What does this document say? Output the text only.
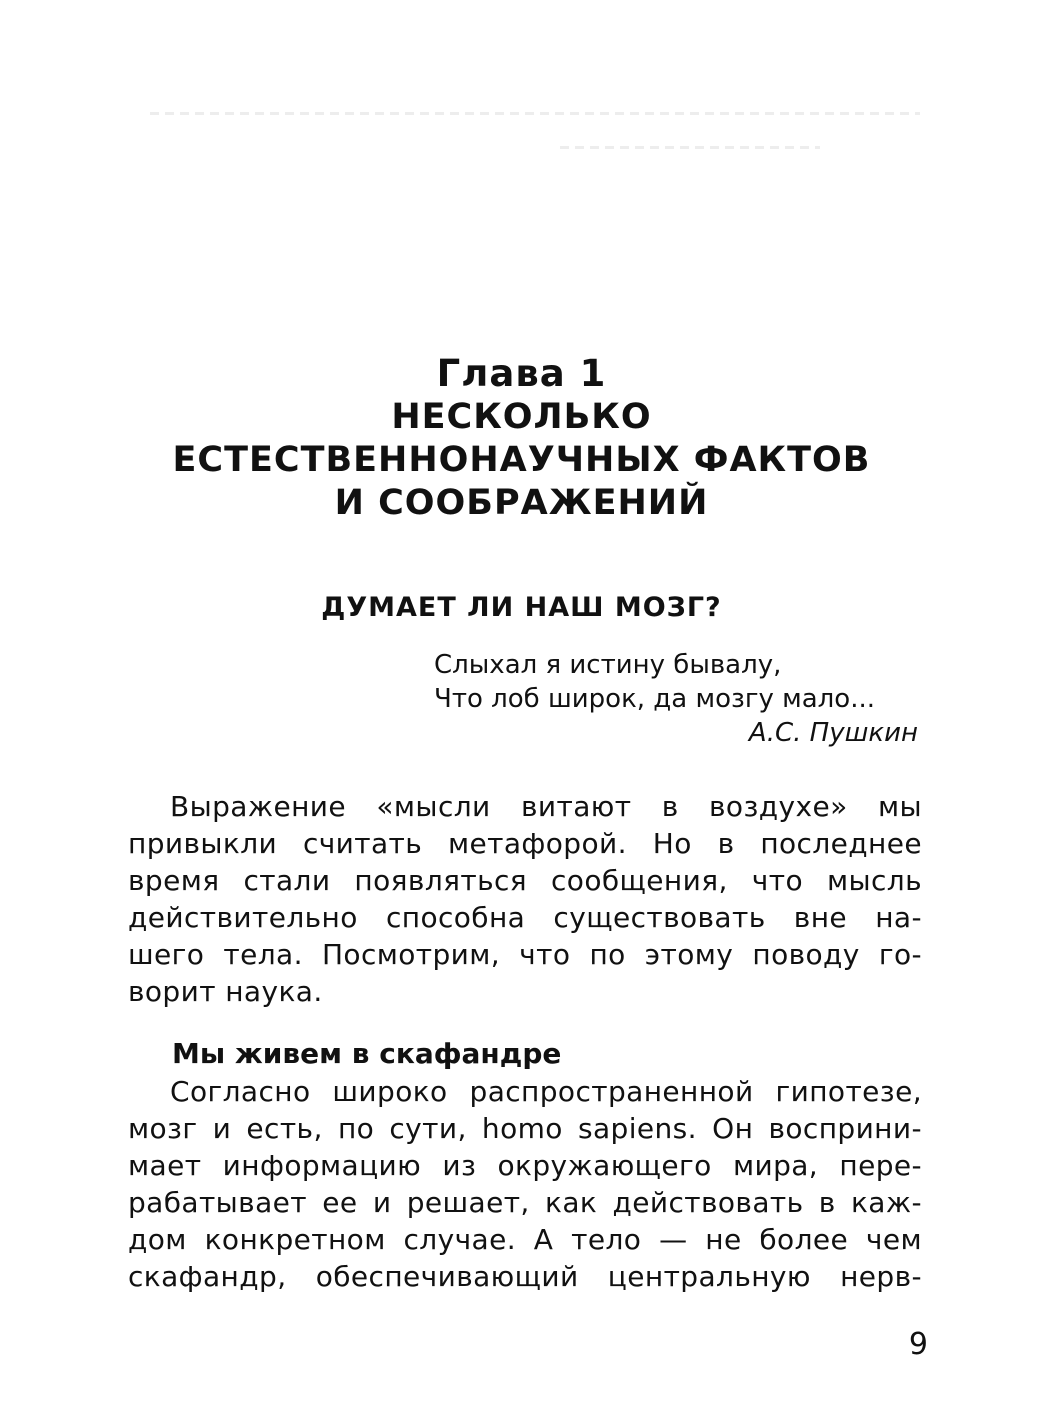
Глава 1
НЕСКОЛЬКО
ЕСТЕСТВЕННОНАУЧНЫХ ФАКТОВ
И СООБРАЖЕНИЙ
ДУМАЕТ ЛИ НАШ МОЗГ?
Слыхал я истину бывалу,
Что лоб широк, да мозгу мало...
А.С. Пушкин
Выражение «мысли витают в воздухе» мы
привыкли считать метафорой. Но в последнее
время стали появляться сообщения, что мысль
действительно способна существовать вне на-
шего тела. Посмотрим, что по этому поводу го-
ворит наука.
Мы живем в скафандре
Согласно широко распространенной гипотезе,
мозг и есть, по сути, homo sapiens. Он восприни-
мает информацию из окружающего мира, пере-
рабатывает ее и решает, как действовать в каж-
дом конкретном случае. А тело — не более чем
скафандр, обеспечивающий центральную нерв-
9
